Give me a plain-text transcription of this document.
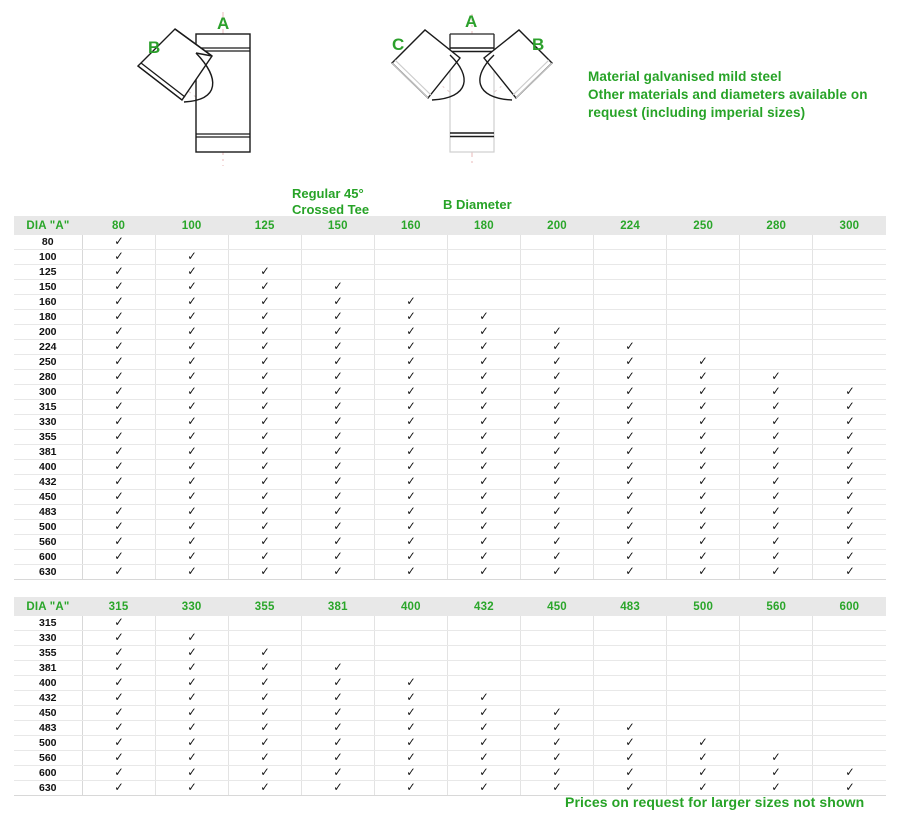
A
B
A
B
C
Material galvanised mild steel
Other materials and diameters available on
request (including imperial sizes)
Regular 45°
Crossed Tee	B Diameter
DIA "A"	80	100	125	150	160	180	200	224	250	280	300
80	✓										
100	✓	✓									
125	✓	✓	✓								
150	✓	✓	✓	✓							
160	✓	✓	✓	✓	✓						
180	✓	✓	✓	✓	✓	✓					
200	✓	✓	✓	✓	✓	✓	✓				
224	✓	✓	✓	✓	✓	✓	✓	✓			
250	✓	✓	✓	✓	✓	✓	✓	✓	✓		
280	✓	✓	✓	✓	✓	✓	✓	✓	✓	✓	
300	✓	✓	✓	✓	✓	✓	✓	✓	✓	✓	✓
315	✓	✓	✓	✓	✓	✓	✓	✓	✓	✓	✓
330	✓	✓	✓	✓	✓	✓	✓	✓	✓	✓	✓
355	✓	✓	✓	✓	✓	✓	✓	✓	✓	✓	✓
381	✓	✓	✓	✓	✓	✓	✓	✓	✓	✓	✓
400	✓	✓	✓	✓	✓	✓	✓	✓	✓	✓	✓
432	✓	✓	✓	✓	✓	✓	✓	✓	✓	✓	✓
450	✓	✓	✓	✓	✓	✓	✓	✓	✓	✓	✓
483	✓	✓	✓	✓	✓	✓	✓	✓	✓	✓	✓
500	✓	✓	✓	✓	✓	✓	✓	✓	✓	✓	✓
560	✓	✓	✓	✓	✓	✓	✓	✓	✓	✓	✓
600	✓	✓	✓	✓	✓	✓	✓	✓	✓	✓	✓
630	✓	✓	✓	✓	✓	✓	✓	✓	✓	✓	✓
DIA "A"	315	330	355	381	400	432	450	483	500	560	600
315	✓										
330	✓	✓									
355	✓	✓	✓								
381	✓	✓	✓	✓							
400	✓	✓	✓	✓	✓						
432	✓	✓	✓	✓	✓	✓					
450	✓	✓	✓	✓	✓	✓	✓				
483	✓	✓	✓	✓	✓	✓	✓	✓			
500	✓	✓	✓	✓	✓	✓	✓	✓	✓		
560	✓	✓	✓	✓	✓	✓	✓	✓	✓	✓	
600	✓	✓	✓	✓	✓	✓	✓	✓	✓	✓	✓
630	✓	✓	✓	✓	✓	✓	✓	✓	✓	✓	✓
Prices on request for larger sizes not shown
